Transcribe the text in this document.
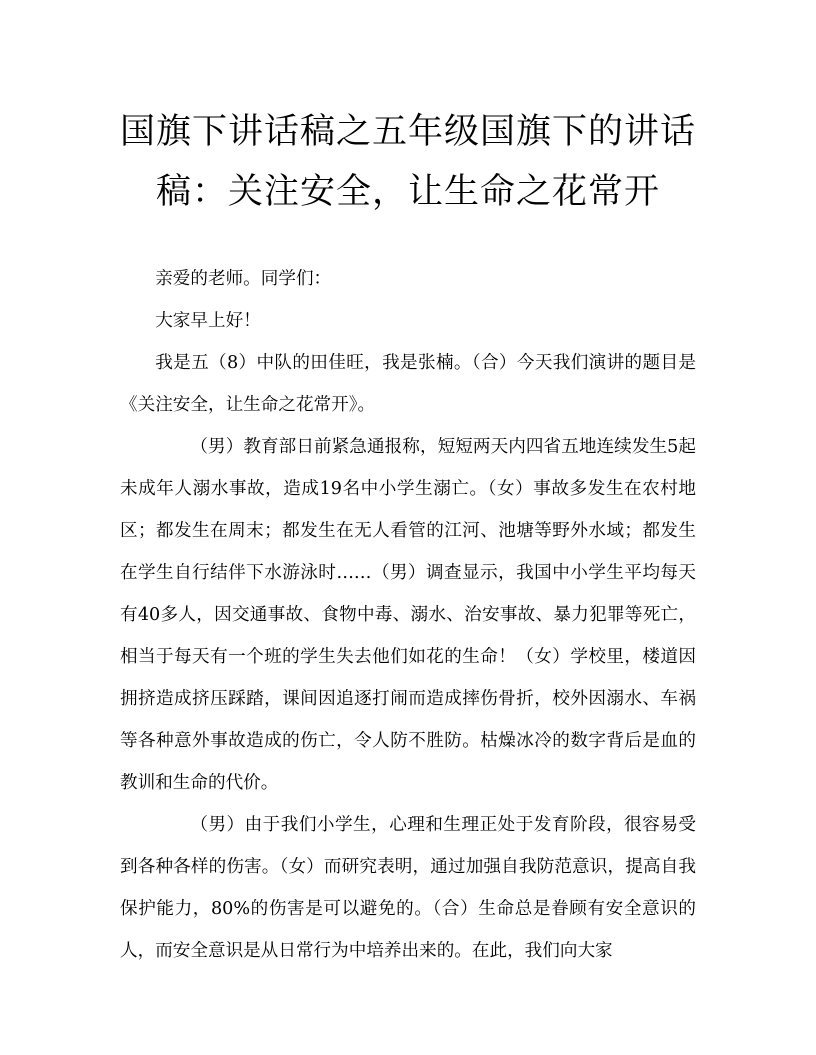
国旗下讲话稿之五年级国旗下的讲话
稿：关注安全，让生命之花常开

亲爱的老师。同学们：

大家早上好！

我是五（8）中队的田佳旺，我是张楠。（合）今天我们演讲的题目是《关注安全，让生命之花常开》。

（男）教育部日前紧急通报称，短短两天内四省五地连续发生5起未成年人溺水事故，造成19名中小学生溺亡。（女）事故多发生在农村地区；都发生在周末；都发生在无人看管的江河、池塘等野外水域；都发生在学生自行结伴下水游泳时……（男）调查显示，我国中小学生平均每天有40多人，因交通事故、食物中毒、溺水、治安事故、暴力犯罪等死亡，相当于每天有一个班的学生失去他们如花的生命！（女）学校里，楼道因拥挤造成挤压踩踏，课间因追逐打闹而造成摔伤骨折，校外因溺水、车祸等各种意外事故造成的伤亡，令人防不胜防。枯燥冰冷的数字背后是血的教训和生命的代价。

（男）由于我们小学生，心理和生理正处于发育阶段，很容易受到各种各样的伤害。（女）而研究表明，通过加强自我防范意识，提高自我保护能力，80%的伤害是可以避免的。（合）生命总是眷顾有安全意识的人，而安全意识是从日常行为中培养出来的。在此，我们向大家
